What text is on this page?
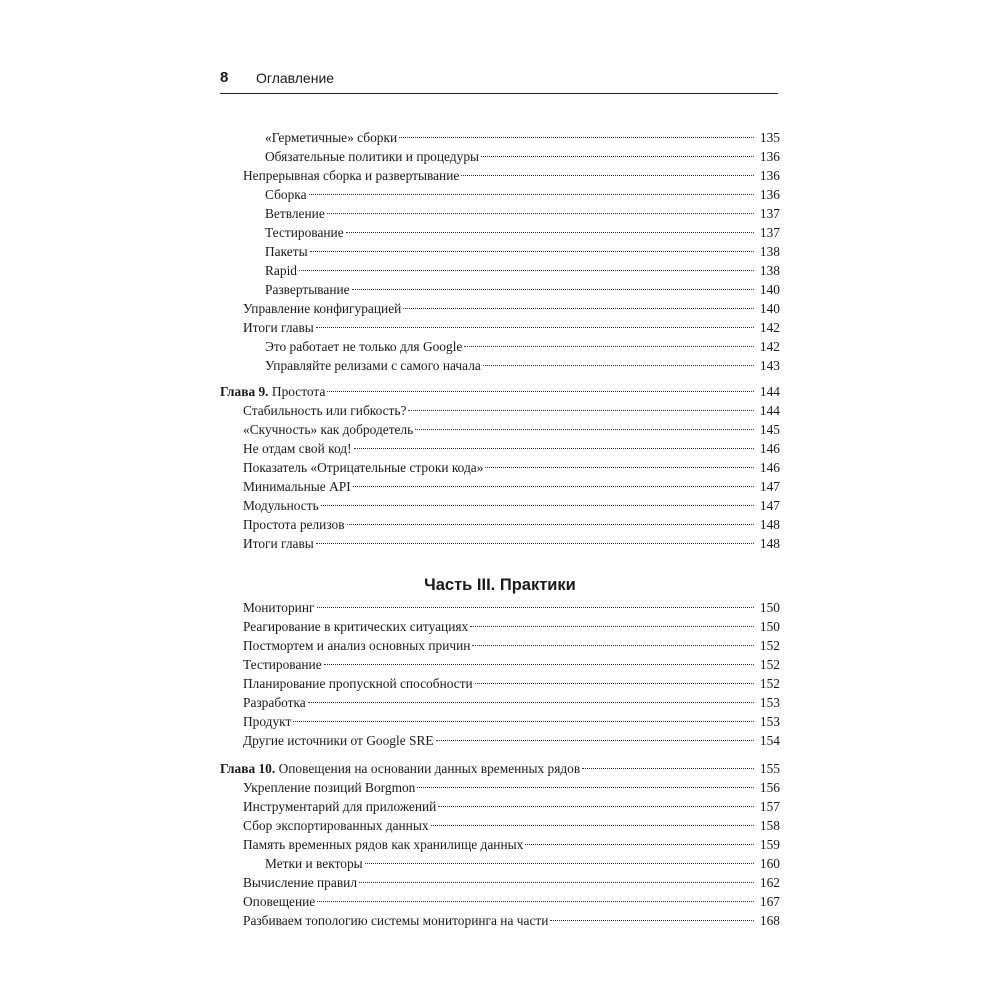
8 Оглавление
«Герметичные» сборки	135
Обязательные политики и процедуры	136
Непрерывная сборка и развертывание	136
Сборка	136
Ветвление	137
Тестирование	137
Пакеты	138
Rapid	138
Развертывание	140
Управление конфигурацией	140
Итоги главы	142
Это работает не только для Google	142
Управляйте релизами с самого начала	143
Глава 9. Простота	144
Стабильность или гибкость?	144
«Скучность» как добродетель	145
Не отдам свой код!	146
Показатель «Отрицательные строки кода»	146
Минимальные API	147
Модульность	147
Простота релизов	148
Итоги главы	148
Часть III. Практики
Мониторинг	150
Реагирование в критических ситуациях	150
Постмортем и анализ основных причин	152
Тестирование	152
Планирование пропускной способности	152
Разработка	153
Продукт	153
Другие источники от Google SRE	154
Глава 10. Оповещения на основании данных временных рядов	155
Укрепление позиций Borgmon	156
Инструментарий для приложений	157
Сбор экспортированных данных	158
Память временных рядов как хранилище данных	159
Метки и векторы	160
Вычисление правил	162
Оповещение	167
Разбиваем топологию системы мониторинга на части	168
